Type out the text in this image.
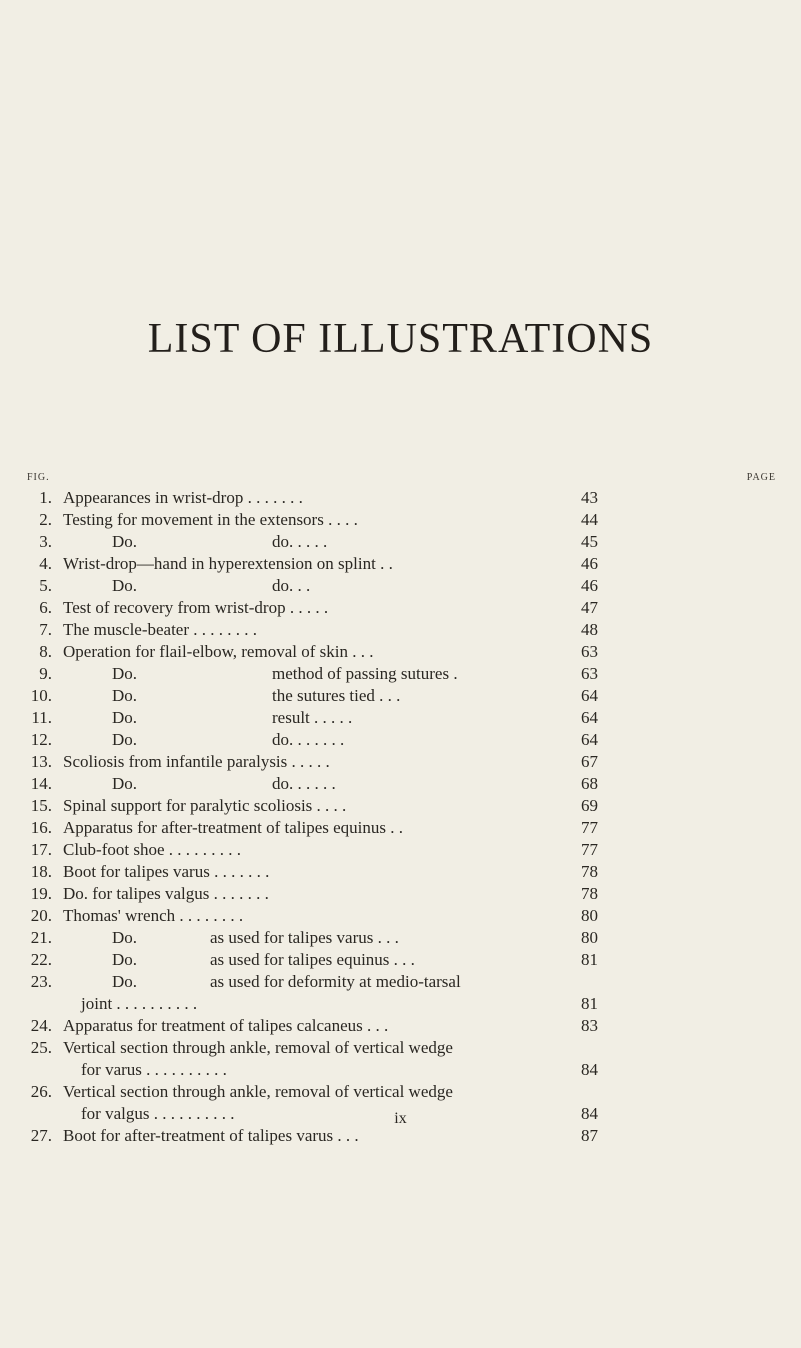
LIST OF ILLUSTRATIONS
FIG.	PAGE
1. Appearances in wrist-drop . . . . . . .	43
2. Testing for movement in the extensors . . . .	44
3.	Do.	do. . . . .	45
4. Wrist-drop—hand in hyperextension on splint . .	46
5.	Do.	do. . .	46
6. Test of recovery from wrist-drop . . . . .	47
7. The muscle-beater . . . . . . . .	48
8. Operation for flail-elbow, removal of skin . . .	63
9.	Do.	method of passing sutures .	63
10.	Do.	the sutures tied . . .	64
11.	Do.	result . . . . .	64
12.	Do.	do. . . . . . .	64
13. Scoliosis from infantile paralysis . . . . .	67
14.	Do.	do. . . . . .	68
15. Spinal support for paralytic scoliosis . . . .	69
16. Apparatus for after-treatment of talipes equinus . .	77
17. Club-foot shoe . . . . . . . . .	77
18. Boot for talipes varus . . . . . . .	78
19. Do. for talipes valgus . . . . . . .	78
20. Thomas' wrench . . . . . . . .	80
21.	Do.	as used for talipes varus . . .	80
22.	Do.	as used for talipes equinus . . .	81
23.	Do.	as used for deformity at medio-tarsal
joint . . . . . . . . . .	81
24. Apparatus for treatment of talipes calcaneus . . .	83
25. Vertical section through ankle, removal of vertical wedge
for varus . . . . . . . . . .	84
26. Vertical section through ankle, removal of vertical wedge
for valgus . . . . . . . . . .	84
27. Boot for after-treatment of talipes varus . . .	87
ix
